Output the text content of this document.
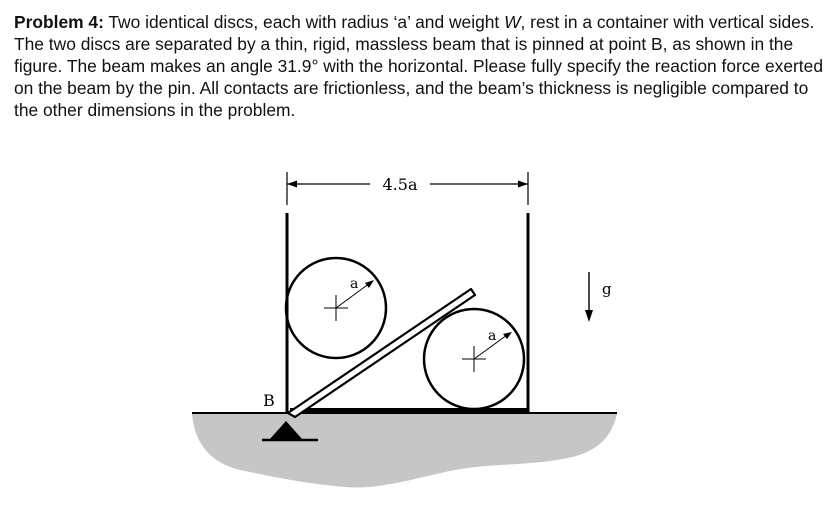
Problem 4: Two identical discs, each with radius ‘a’ and weight W, rest in a container with vertical sides. The two discs are separated by a thin, rigid, massless beam that is pinned at point B, as shown in the figure. The beam makes an angle 31.9° with the horizontal. Please fully specify the reaction force exerted on the beam by the pin. All contacts are frictionless, and the beam’s thickness is negligible compared to the other dimensions in the problem.
4.5a
a
a
B
g
